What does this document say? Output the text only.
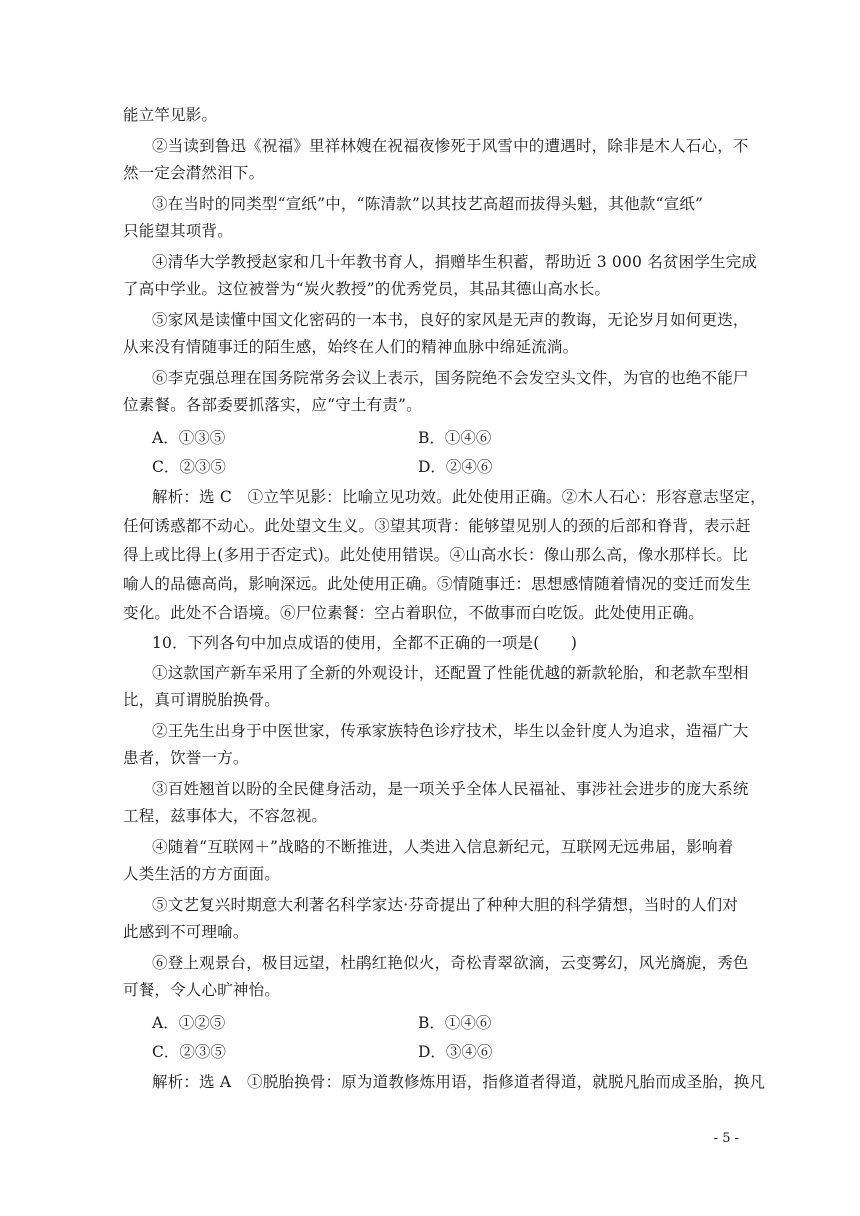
能立竿见影。
②当读到鲁迅《祝福》里祥林嫂在祝福夜惨死于风雪中的遭遇时，除非是木人石心，不
然一定会潸然泪下。
③在当时的同类型“宣纸”中，“陈清款”以其技艺高超而拔得头魁，其他款“宣纸”
只能望其项背。
④清华大学教授赵家和几十年教书育人，捐赠毕生积蓄，帮助近 3 000 名贫困学生完成
了高中学业。这位被誉为“炭火教授”的优秀党员，其品其德山高水长。
⑤家风是读懂中国文化密码的一本书，良好的家风是无声的教诲，无论岁月如何更迭，
从来没有情随事迁的陌生感，始终在人们的精神血脉中绵延流淌。
⑥李克强总理在国务院常务会议上表示，国务院绝不会发空头文件，为官的也绝不能尸
位素餐。各部委要抓落实，应“守土有责”。
A．①③⑤	B．①④⑥
C．②③⑤	D．②④⑥
解析：选 C　①立竿见影：比喻立见功效。此处使用正确。②木人石心：形容意志坚定，
任何诱惑都不动心。此处望文生义。③望其项背：能够望见别人的颈的后部和脊背，表示赶
得上或比得上(多用于否定式)。此处使用错误。④山高水长：像山那么高，像水那样长。比
喻人的品德高尚，影响深远。此处使用正确。⑤情随事迁：思想感情随着情况的变迁而发生
变化。此处不合语境。⑥尸位素餐：空占着职位，不做事而白吃饭。此处使用正确。
10．下列各句中加点成语的使用，全都不正确的一项是(　　)
①这款国产新车采用了全新的外观设计，还配置了性能优越的新款轮胎，和老款车型相
比，真可谓脱胎换骨。
②王先生出身于中医世家，传承家族特色诊疗技术，毕生以金针度人为追求，造福广大
患者，饮誉一方。
③百姓翘首以盼的全民健身活动，是一项关乎全体人民福祉、事涉社会进步的庞大系统
工程，兹事体大，不容忽视。
④随着“互联网＋”战略的不断推进，人类进入信息新纪元，互联网无远弗届，影响着
人类生活的方方面面。
⑤文艺复兴时期意大利著名科学家达·芬奇提出了种种大胆的科学猜想，当时的人们对
此感到不可理喻。
⑥登上观景台，极目远望，杜鹃红艳似火，奇松青翠欲滴，云变雾幻，风光旖旎，秀色
可餐，令人心旷神怡。
A．①②⑤	B．①④⑥
C．②③⑤	D．③④⑥
解析：选 A　①脱胎换骨：原为道教修炼用语，指修道者得道，就脱凡胎而成圣胎，换凡
- 5 -
